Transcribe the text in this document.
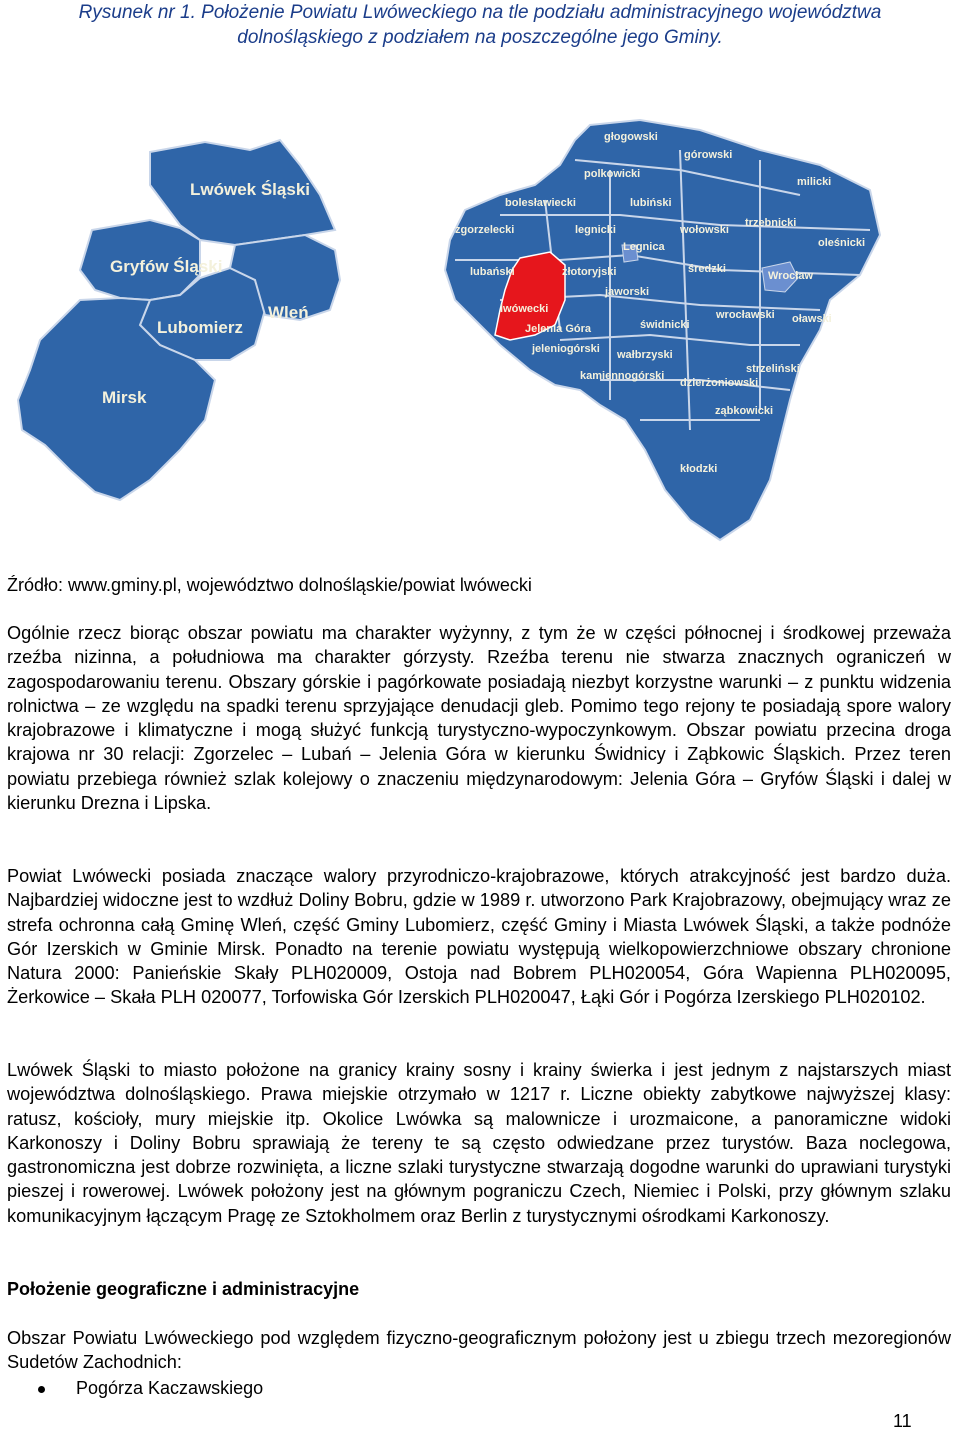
Rysunek nr 1. Położenie Powiatu Lwóweckiego na tle podziału administracyjnego województwa
dolnośląskiego z podziałem na poszczególne jego Gminy.
Lwówek Śląski
Gryfów Śląski
Lubomierz
Wleń
Mirsk
głogowski
górowski
polkowicki
milicki
bolesławiecki	lubiński
trzebnicki
zgorzelecki	legnicki	wołowski
oleśnicki
Legnica
lubański	złotoryjski	średzki
Wrocław
jaworski
lwówecki	wrocławski oławski
Jelenia Góra	świdnicki
jeleniogórski wałbrzyski
strzeliński
kamiennogórski
dzierżoniowski
ząbkowicki
kłodzki
Źródło: www.gminy.pl, województwo dolnośląskie/powiat lwówecki
Ogólnie rzecz biorąc obszar powiatu ma charakter wyżynny, z tym że w części północnej i środkowej przeważa rzeźba nizinna, a południowa ma charakter górzysty. Rzeźba terenu nie stwarza znacznych ograniczeń w zagospodarowaniu terenu. Obszary górskie i pagórkowate posiadają niezbyt korzystne warunki – z punktu widzenia rolnictwa – ze względu na spadki terenu sprzyjające denudacji gleb. Pomimo tego rejony te posiadają spore walory krajobrazowe i klimatyczne i mogą służyć funkcją turystyczno-wypoczynkowym. Obszar powiatu przecina droga krajowa nr 30 relacji: Zgorzelec – Lubań – Jelenia Góra w kierunku Świdnicy i Ząbkowic Śląskich. Przez teren powiatu przebiega również szlak kolejowy o znaczeniu międzynarodowym: Jelenia Góra – Gryfów Śląski i dalej w kierunku Drezna i Lipska.
Powiat Lwówecki posiada znaczące walory przyrodniczo-krajobrazowe, których atrakcyjność jest bardzo duża. Najbardziej widoczne jest to wzdłuż Doliny Bobru, gdzie w 1989 r. utworzono Park Krajobrazowy, obejmujący wraz ze strefa ochronna całą Gminę Wleń, część Gminy Lubomierz, część Gminy i Miasta Lwówek Śląski, a także podnóże Gór Izerskich w Gminie Mirsk. Ponadto na terenie powiatu występują wielkopowierzchniowe obszary chronione Natura 2000: Panieńskie Skały PLH020009, Ostoja nad Bobrem PLH020054, Góra Wapienna PLH020095, Żerkowice – Skała PLH 020077, Torfowiska Gór Izerskich PLH020047, Łąki Gór i Pogórza Izerskiego PLH020102.
Lwówek Śląski to miasto położone na granicy krainy sosny i krainy świerka i jest jednym z najstarszych miast województwa dolnośląskiego. Prawa miejskie otrzymało w 1217 r. Liczne obiekty zabytkowe najwyższej klasy: ratusz, kościoły, mury miejskie itp. Okolice Lwówka są malownicze i urozmaicone, a panoramiczne widoki Karkonoszy i Doliny Bobru sprawiają że tereny te są często odwiedzane przez turystów. Baza noclegowa, gastronomiczna jest dobrze rozwinięta, a liczne szlaki turystyczne stwarzają dogodne warunki do uprawiani turystyki pieszej i rowerowej. Lwówek położony jest na głównym pograniczu Czech, Niemiec i Polski, przy głównym szlaku komunikacyjnym łączącym Pragę ze Sztokholmem oraz Berlin z turystycznymi ośrodkami Karkonoszy.
Położenie geograficzne i administracyjne
Obszar Powiatu Lwóweckiego pod względem fizyczno-geograficznym położony jest u zbiegu trzech mezoregionów Sudetów Zachodnich:
Pogórza Kaczawskiego
11
